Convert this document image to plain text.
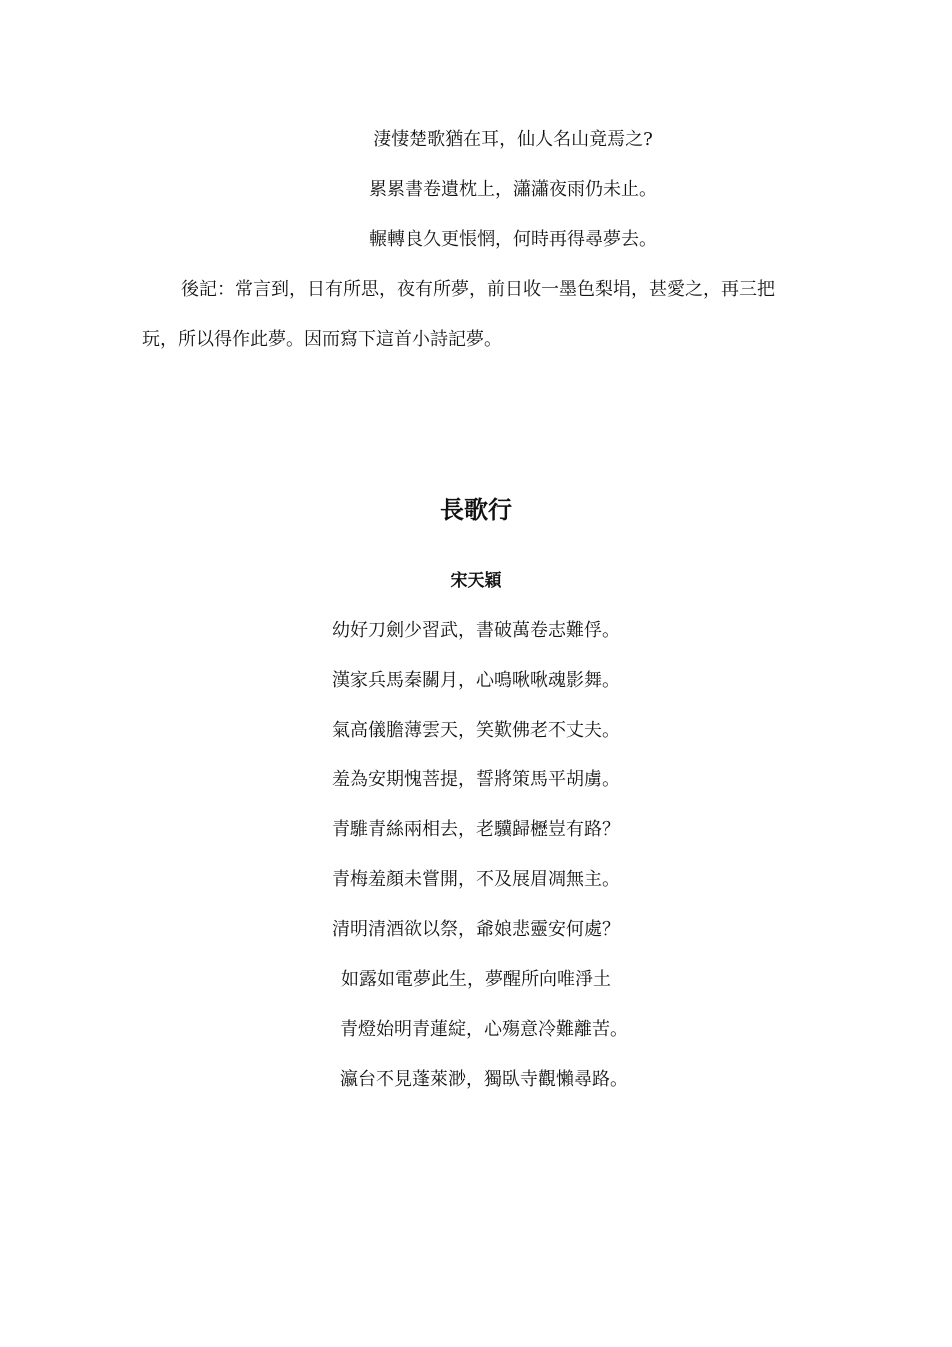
淒悽楚歌猶在耳，仙人名山竟焉之?
累累書卷遺枕上，瀟瀟夜雨仍未止。
輾轉良久更悵惘，何時再得尋夢去。
後記：常言到，日有所思，夜有所夢，前日收一墨色梨埍，甚愛之，再三把
玩，所以得作此夢。因而寫下這首小詩記夢。
長歌行
宋天穎
幼好刀劍少習武，書破萬卷志難俘。
漢家兵馬秦關月，心鳴啾啾魂影舞。
氣高儀膽薄雲天，笑歎佛老不丈夫。
羞為安期愧菩提，誓將策馬平胡虜。
青騅青絲兩相去，老驥歸櫪豈有路？
青梅羞顏未嘗開，不及展眉凋無主。
清明清酒欲以祭，爺娘悲靈安何處？
如露如電夢此生，夢醒所向唯淨土
青燈始明青蓮綻，心殤意冷難離苦。
瀛台不見蓬萊渺，獨臥寺觀懶尋路。
